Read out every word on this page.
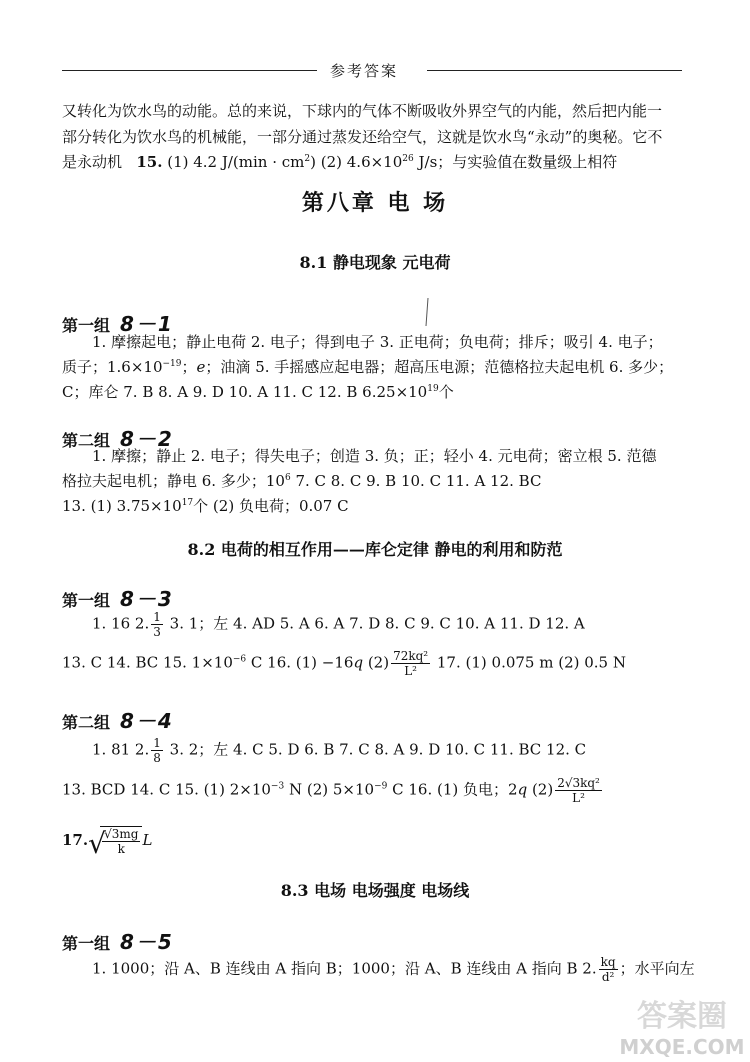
参考答案
又转化为饮水鸟的动能。总的来说，下球内的气体不断吸收外界空气的内能，然后把内能一
部分转化为饮水鸟的机械能，一部分通过蒸发还给空气，这就是饮水鸟“永动”的奥秘。它不
是永动机 15. (1) 4.2 $J/(\min \cdot cm^2)$ (2) $4.6\times 10^{26}$ J/s；与实验值在数量级上相符
第八章 电 场
8.1 静电现象 元电荷
第一组 8－1
1. 摩擦起电；静止电荷 2. 电子；得到电子 3. 正电荷；负电荷；排斥；吸引 4. 电子；
质子；$1.6\times 10^{-19}$；e；油滴 5. 手摇感应起电器；超高压电源；范德格拉夫起电机 6. 多少；
C；库仑 7. B 8. A 9. D 10. A 11. C 12. B $6.25\times 10^{19}$个
第二组 8－2
1. 摩擦；静止 2. 电子；得失电子；创造 3. 负；正；轻小 4. 元电荷；密立根 5. 范德
格拉夫起电机；静电 6. 多少；$10^6$ 7. C 8. C 9. B 10. C 11. A 12. BC
13. (1) $3.75\times 10^{17}$个 (2) 负电荷；0.07 C
8.2 电荷的相互作用——库仑定律 静电的利用和防范
第一组 8－3
1. 16 2. $\frac{1}{3} 3$. 1；左 4. AD 5. A 6. A 7. D 8. C 9. C 10. A 11. D 12. A
13. C 14. BC 15. $1\times 10^{-6}$ C 16. (1) −16q $(2) \frac{\text{72kq²}}{\text{L²}} 17$. (1) 0.075 m (2) 0.5 N
第二组 8－4
1. 81 2. $\frac{1}{8} 3$. 2；左 4. C 5. D 6. B 7. C 8. A 9. D 10. C 11. BC 12. C
13. BCD 14. C 15. (1) $2\times 10^{-3}$ N (2) $5\times 10^{-9}$ C 16. (1) 负电；2q $(2) \frac{\text{2√3kq²}}{\text{L²}}$
17. √
$\frac{√3mg}{k}$ L
8.3 电场 电场强度 电场线
第一组 8－5
1. 1000；沿 A、B 连线由 A 指向 B；1000；沿 A、B 连线由 A 指向 B 2. $\frac{kq}{\text{d²}}$ ；水平向左
答案圈
MXQE.COM
